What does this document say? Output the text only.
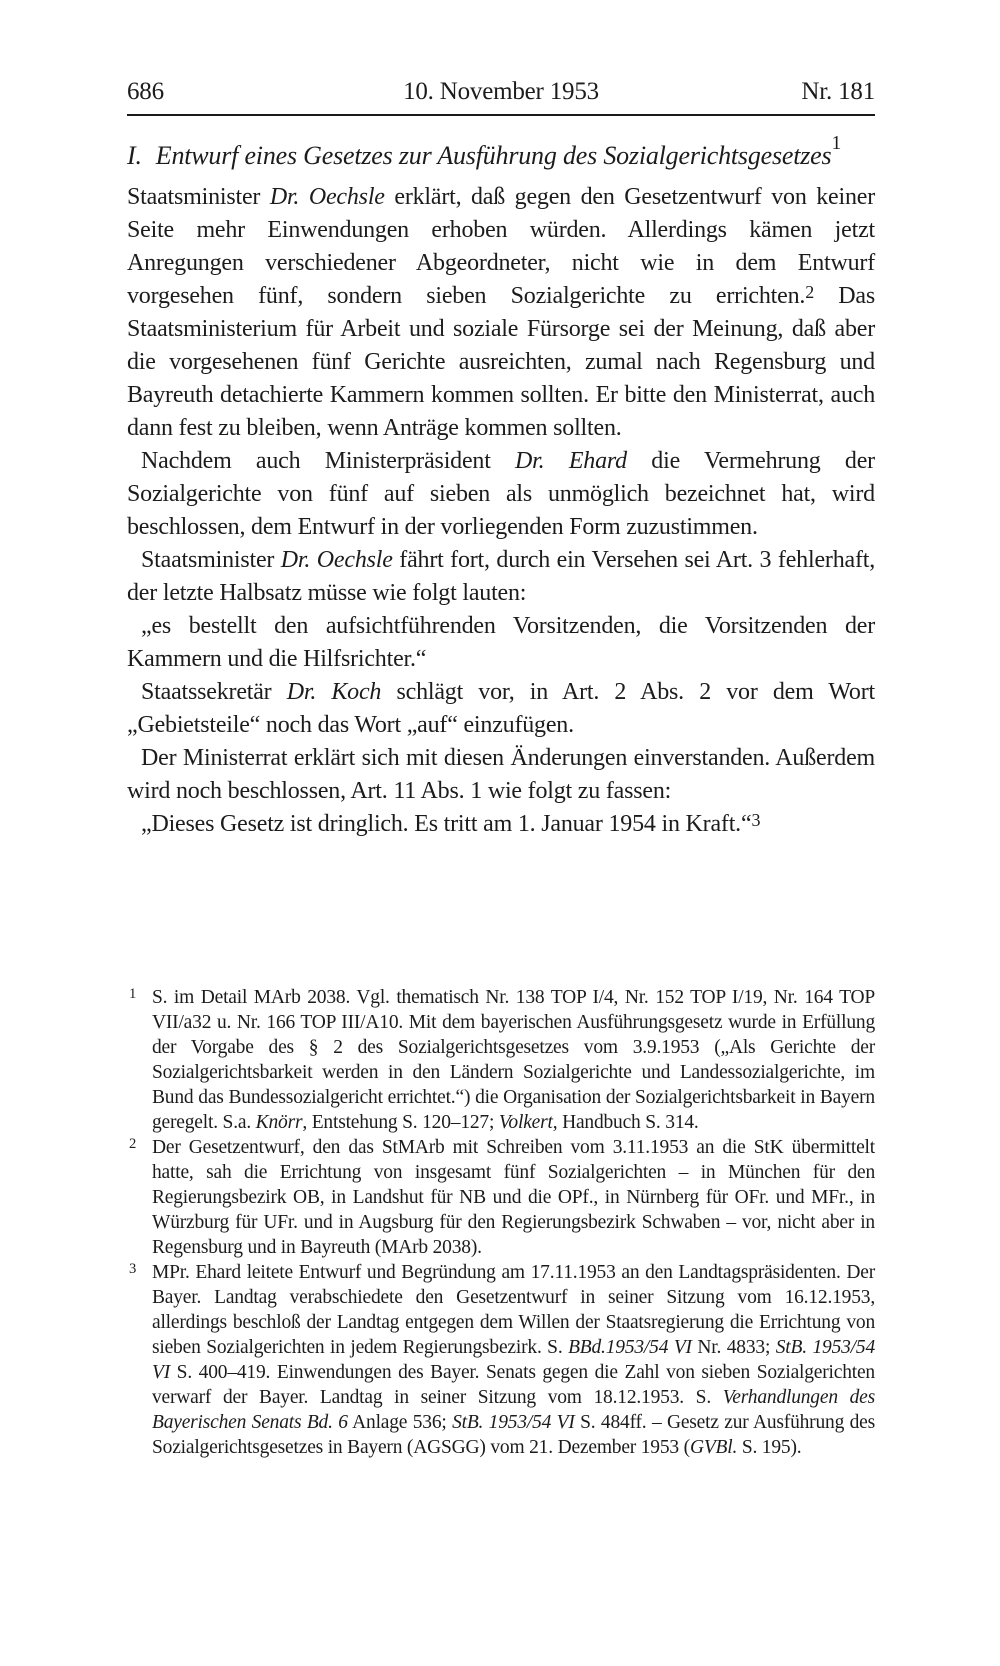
686	10. November 1953	Nr. 181
I. Entwurf eines Gesetzes zur Ausführung des Sozialgerichtsgesetzes$^1$

Staatsminister Dr. Oechsle erklärt, daß gegen den Gesetzentwurf von keiner Seite mehr Einwendungen erhoben würden. Allerdings kämen jetzt Anregungen verschiedener Abgeordneter, nicht wie in dem Entwurf vorgesehen fünf, sondern sieben Sozialgerichte zu errichten.$^2$ Das Staatsministerium für Arbeit und soziale Fürsorge sei der Meinung, daß aber die vorgesehenen fünf Gerichte ausreichten, zumal nach Regensburg und Bayreuth detachierte Kammern kommen sollten. Er bitte den Ministerrat, auch dann fest zu bleiben, wenn Anträge kommen sollten.

Nachdem auch Ministerpräsident Dr. Ehard die Vermehrung der Sozialgerichte von fünf auf sieben als unmöglich bezeichnet hat, wird beschlossen, dem Entwurf in der vorliegenden Form zuzustimmen.

Staatsminister Dr. Oechsle fährt fort, durch ein Versehen sei Art. 3 fehlerhaft, der letzte Halbsatz müsse wie folgt lauten:

„es bestellt den aufsichtführenden Vorsitzenden, die Vorsitzenden der Kammern und die Hilfsrichter.“

Staatssekretär Dr. Koch schlägt vor, in Art. 2 Abs. 2 vor dem Wort „Gebietsteile“ noch das Wort „auf“ einzufügen.

Der Ministerrat erklärt sich mit diesen Änderungen einverstanden. Außerdem wird noch beschlossen, Art. 11 Abs. 1 wie folgt zu fassen:

„Dieses Gesetz ist dringlich. Es tritt am 1. Januar 1954 in Kraft.“$^3$

1 S. im Detail MArb 2038. Vgl. thematisch Nr. 138 TOP I/4, Nr. 152 TOP I/19, Nr. 164 TOP VII/a32 u. Nr. 166 TOP III/A10. Mit dem bayerischen Ausführungsgesetz wurde in Erfüllung der Vorgabe des § 2 des Sozialgerichtsgesetzes vom 3.9.1953 („Als Gerichte der Sozialgerichtsbarkeit werden in den Ländern Sozialgerichte und Landessozialgerichte, im Bund das Bundessozialgericht errichtet.“) die Organisation der Sozialgerichtsbarkeit in Bayern geregelt. S.a. Knörr, Entstehung S. 120–127; Volkert, Handbuch S. 314.
2 Der Gesetzentwurf, den das StMArb mit Schreiben vom 3.11.1953 an die StK übermittelt hatte, sah die Errichtung von insgesamt fünf Sozialgerichten – in München für den Regierungsbezirk OB, in Landshut für NB und die OPf., in Nürnberg für OFr. und MFr., in Würzburg für UFr. und in Augsburg für den Regierungsbezirk Schwaben – vor, nicht aber in Regensburg und in Bayreuth (MArb 2038).
3 MPr. Ehard leitete Entwurf und Begründung am 17.11.1953 an den Landtagspräsidenten. Der Bayer. Landtag verabschiedete den Gesetzentwurf in seiner Sitzung vom 16.12.1953, allerdings beschloß der Landtag entgegen dem Willen der Staatsregierung die Errichtung von sieben Sozialgerichten in jedem Regierungsbezirk. S. BBd.1953/54 VI Nr. 4833; StB. 1953/54 VI S. 400–419. Einwendungen des Bayer. Senats gegen die Zahl von sieben Sozialgerichten verwarf der Bayer. Landtag in seiner Sitzung vom 18.12.1953. S. Verhandlungen des Bayerischen Senats Bd. 6 Anlage 536; StB. 1953/54 VI S. 484ff. – Gesetz zur Ausführung des Sozialgerichtsgesetzes in Bayern (AGSGG) vom 21. Dezember 1953 (GVBl. S. 195).
